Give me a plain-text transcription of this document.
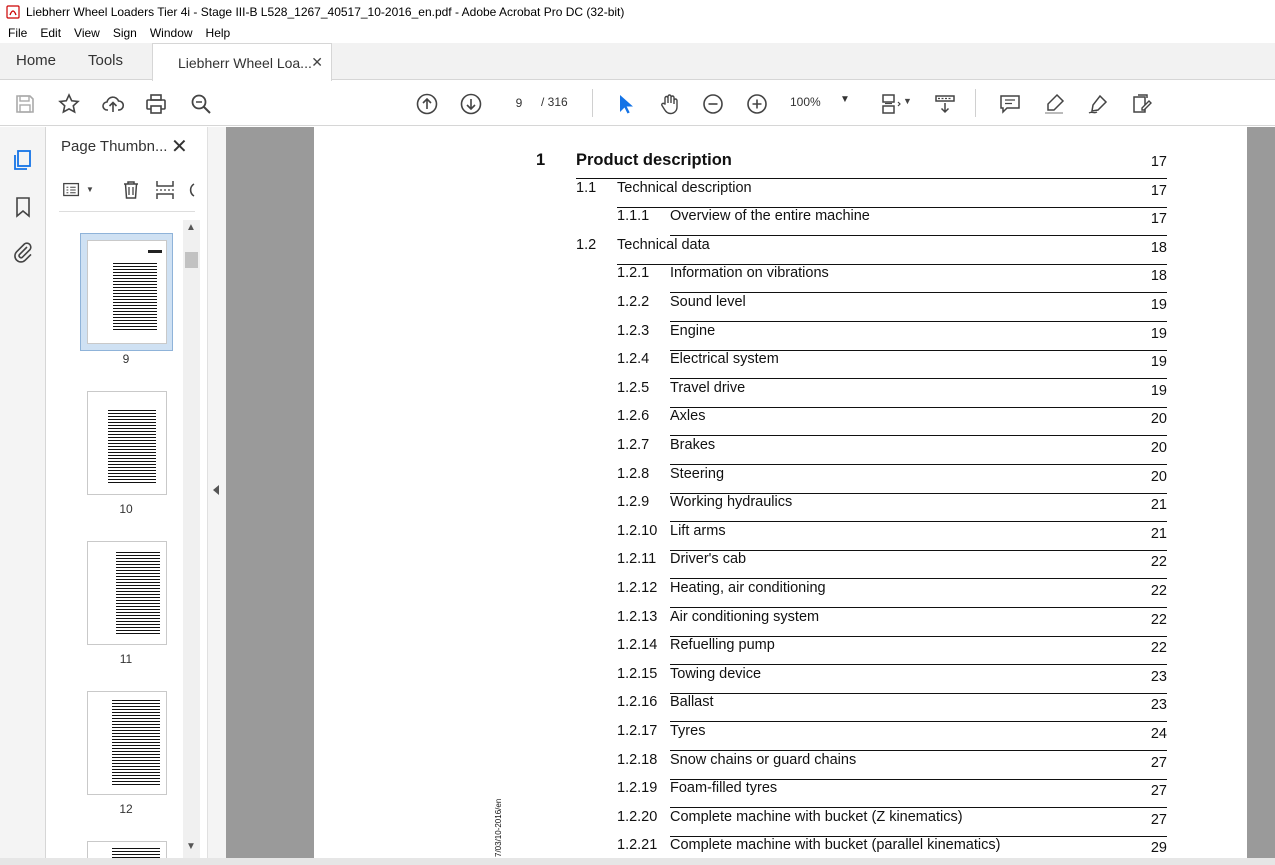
Liebherr Wheel Loaders Tier 4i - Stage III-B L528_1267_40517_10-2016_en.pdf - Adobe Acrobat Pro DC (32-bit)
File	Edit	View	Sign	Window	Help
Home Tools	Liebherr Wheel Loa... ✕
9	/ 316	100% ▼	▼
Page Thumbn... ✕
▼
9
10
11
12
▲
▼	7/03/10-2016/en
1 Product description	17
1.1 Technical description	17
1.1.1 Overview of the entire machine	17
1.2 Technical data	18
1.2.1 Information on vibrations	18
1.2.2 Sound level	19
1.2.3 Engine	19
1.2.4 Electrical system	19
1.2.5 Travel drive	19
1.2.6 Axles	20
1.2.7 Brakes	20
1.2.8 Steering	20
1.2.9 Working hydraulics	21
1.2.10 Lift arms	21
1.2.11 Driver's cab	22
1.2.12 Heating, air conditioning	22
1.2.13 Air conditioning system	22
1.2.14 Refuelling pump	22
1.2.15 Towing device	23
1.2.16 Ballast	23
1.2.17 Tyres	24
1.2.18 Snow chains or guard chains	27
1.2.19 Foam-filled tyres	27
1.2.20 Complete machine with bucket (Z kinematics)	27
1.2.21 Complete machine with bucket (parallel kinematics)	29
